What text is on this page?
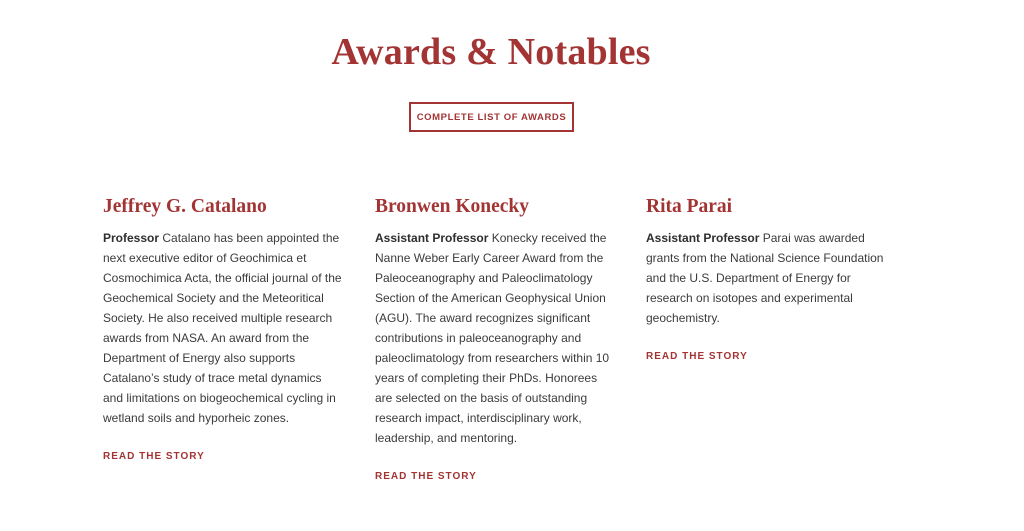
Awards & Notables
COMPLETE LIST OF AWARDS
Jeffrey G. Catalano

Professor Catalano has been appointed the next executive editor of Geochimica et Cosmochimica Acta, the official journal of the Geochemical Society and the Meteoritical Society. He also received multiple research awards from NASA. An award from the Department of Energy also supports Catalano’s study of trace metal dynamics and limitations on biogeochemical cycling in wetland soils and hyporheic zones.

READ THE STORY
Bronwen Konecky

Assistant Professor Konecky received the Nanne Weber Early Career Award from the Paleoceanography and Paleoclimatology Section of the American Geophysical Union (AGU). The award recognizes significant contributions in paleoceanography and paleoclimatology from researchers within 10 years of completing their PhDs. Honorees are selected on the basis of outstanding research impact, interdisciplinary work, leadership, and mentoring.

READ THE STORY
Rita Parai

Assistant Professor Parai was awarded grants from the National Science Foundation and the U.S. Department of Energy for research on isotopes and experimental geochemistry.

READ THE STORY
